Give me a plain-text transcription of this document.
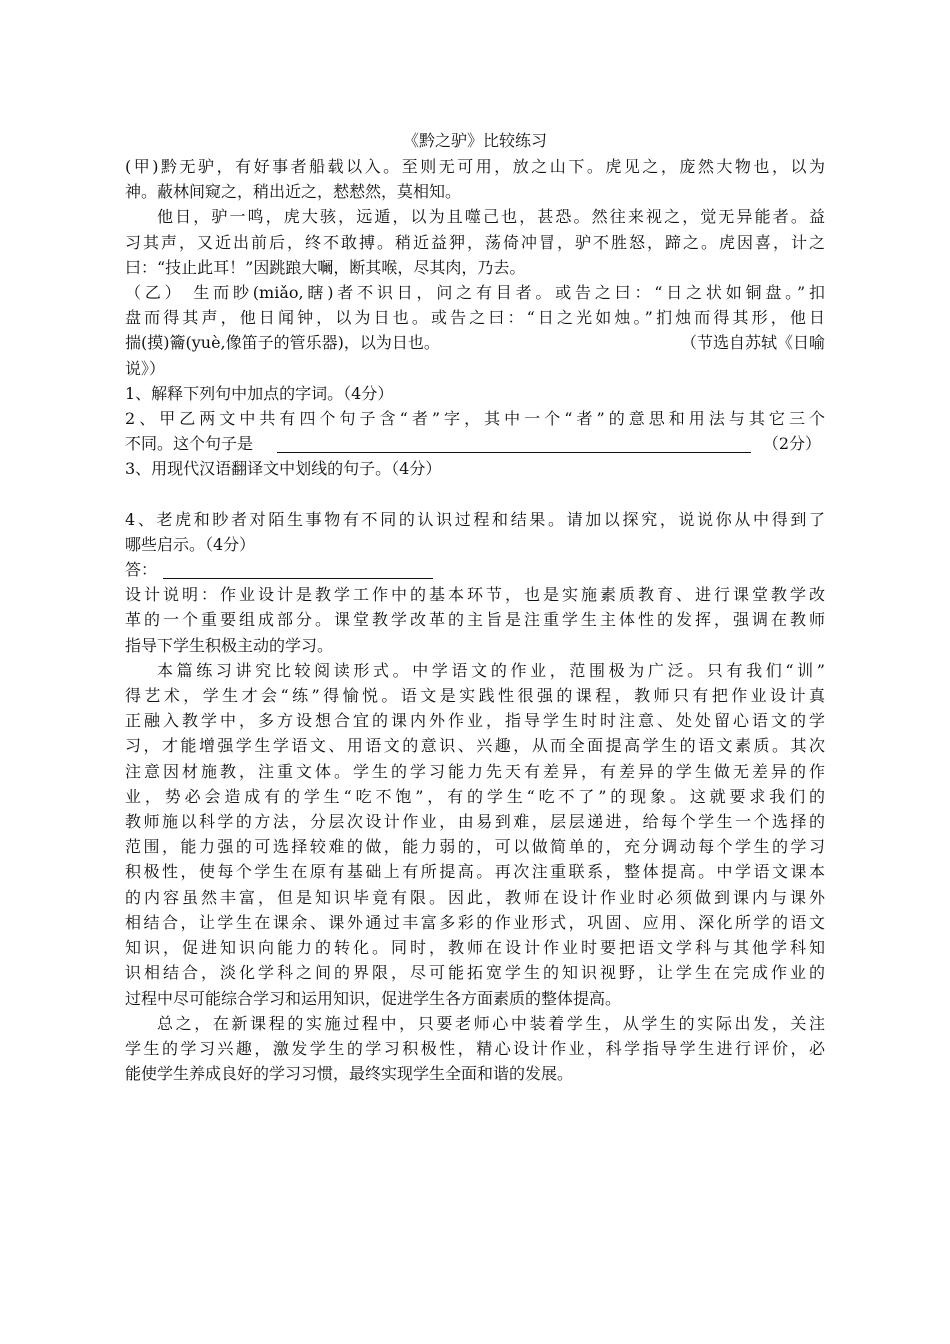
《黔之驴》比较练习
(甲)黔无驴，有好事者船载以入。至则无可用，放之山下。虎见之，庞然大物也，以为
神。蔽林间窥之，稍出近之，慭慭然，莫相知。
他日，驴一鸣，虎大骇，远遁，以为且噬己也，甚恐。然往来视之，觉无异能者。益
习其声，又近出前后，终不敢搏。稍近益狎，荡倚冲冒，驴不胜怒，蹄之。虎因喜，计之
曰：“技止此耳！”因跳踉大㘎，断其喉，尽其肉，乃去。
（乙） 生而眇(miǎo,瞎)者不识日，问之有目者。或告之曰：“日之状如铜盘。”扣
盘而得其声，他日闻钟，以为日也。或告之曰：“日之光如烛。”扪烛而得其形，他日
揣(摸)籥(yuè,像笛子的管乐器)，以为日也。	（节选自苏轼《日喻
说》）
1、解释下列句中加点的字词。（4分）
2、甲乙两文中共有四个句子含“者”字，其中一个“者”的意思和用法与其它三个
不同。这个句子是	（2分）
3、用现代汉语翻译文中划线的句子。（4分）
4、老虎和眇者对陌生事物有不同的认识过程和结果。请加以探究，说说你从中得到了
哪些启示。（4分）
答：
设计说明：作业设计是教学工作中的基本环节，也是实施素质教育、进行课堂教学改
革的一个重要组成部分。课堂教学改革的主旨是注重学生主体性的发挥，强调在教师
指导下学生积极主动的学习。
本篇练习讲究比较阅读形式。中学语文的作业，范围极为广泛。只有我们“训”
得艺术，学生才会“练”得愉悦。语文是实践性很强的课程，教师只有把作业设计真
正融入教学中，多方设想合宜的课内外作业，指导学生时时注意、处处留心语文的学
习，才能增强学生学语文、用语文的意识、兴趣，从而全面提高学生的语文素质。其次
注意因材施教，注重文体。学生的学习能力先天有差异，有差异的学生做无差异的作
业，势必会造成有的学生“吃不饱”，有的学生“吃不了”的现象。这就要求我们的
教师施以科学的方法，分层次设计作业，由易到难，层层递进，给每个学生一个选择的
范围，能力强的可选择较难的做，能力弱的，可以做简单的，充分调动每个学生的学习
积极性，使每个学生在原有基础上有所提高。再次注重联系，整体提高。中学语文课本
的内容虽然丰富，但是知识毕竟有限。因此，教师在设计作业时必须做到课内与课外
相结合，让学生在课余、课外通过丰富多彩的作业形式，巩固、应用、深化所学的语文
知识，促进知识向能力的转化。同时，教师在设计作业时要把语文学科与其他学科知
识相结合，淡化学科之间的界限，尽可能拓宽学生的知识视野，让学生在完成作业的
过程中尽可能综合学习和运用知识，促进学生各方面素质的整体提高。
总之，在新课程的实施过程中，只要老师心中装着学生，从学生的实际出发，关注
学生的学习兴趣，激发学生的学习积极性，精心设计作业，科学指导学生进行评价，必
能使学生养成良好的学习习惯，最终实现学生全面和谐的发展。
